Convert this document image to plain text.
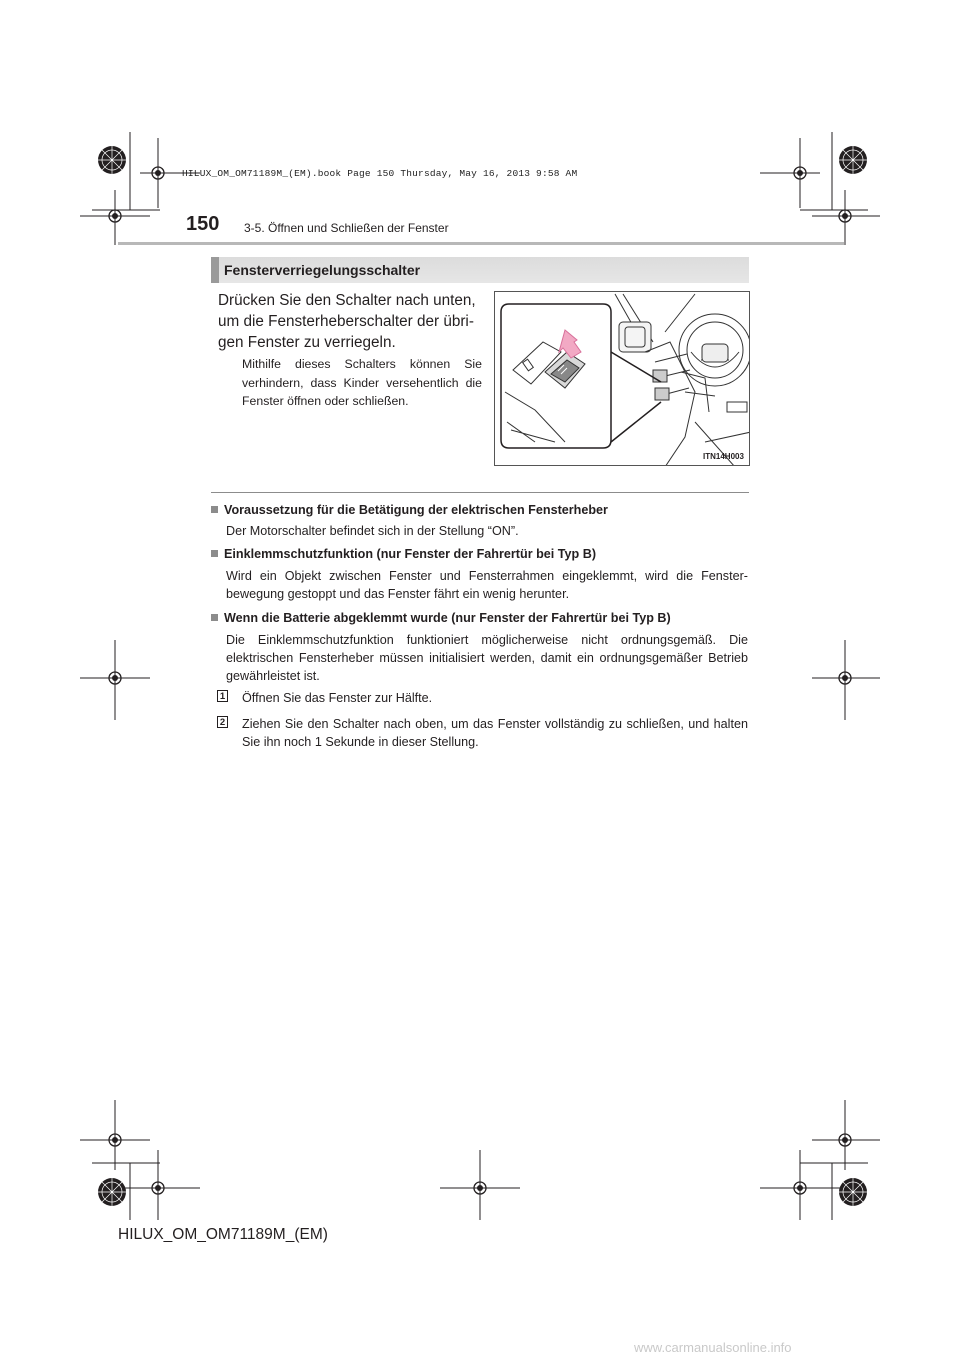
HILUX_OM_OM71189M_(EM).book Page 150 Thursday, May 16, 2013 9:58 AM
150 3-5. Öffnen und Schließen der Fenster
Fensterverriegelungsschalter
Drücken Sie den Schalter nach unten,
um die Fensterheberschalter der übri-
gen Fenster zu verriegeln.
Mithilfe dieses Schalters können Sie verhindern, dass Kinder versehentlich die Fenster öffnen oder schließen.
ITN14H003
Voraussetzung für die Betätigung der elektrischen Fensterheber
Der Motorschalter befindet sich in der Stellung “ON”.
Einklemmschutzfunktion (nur Fenster der Fahrertür bei Typ B)
Wird ein Objekt zwischen Fenster und Fensterrahmen eingeklemmt, wird die Fenster-bewegung gestoppt und das Fenster fährt ein wenig herunter.
Wenn die Batterie abgeklemmt wurde (nur Fenster der Fahrertür bei Typ B)
Die Einklemmschutzfunktion funktioniert möglicherweise nicht ordnungsgemäß. Die elektrischen Fensterheber müssen initialisiert werden, damit ein ordnungsgemäßer Betrieb gewährleistet ist.
1 Öffnen Sie das Fenster zur Hälfte.
2 Ziehen Sie den Schalter nach oben, um das Fenster vollständig zu schließen, und halten Sie ihn noch 1 Sekunde in dieser Stellung.
HILUX_OM_OM71189M_(EM)
www.carmanualsonline.info
